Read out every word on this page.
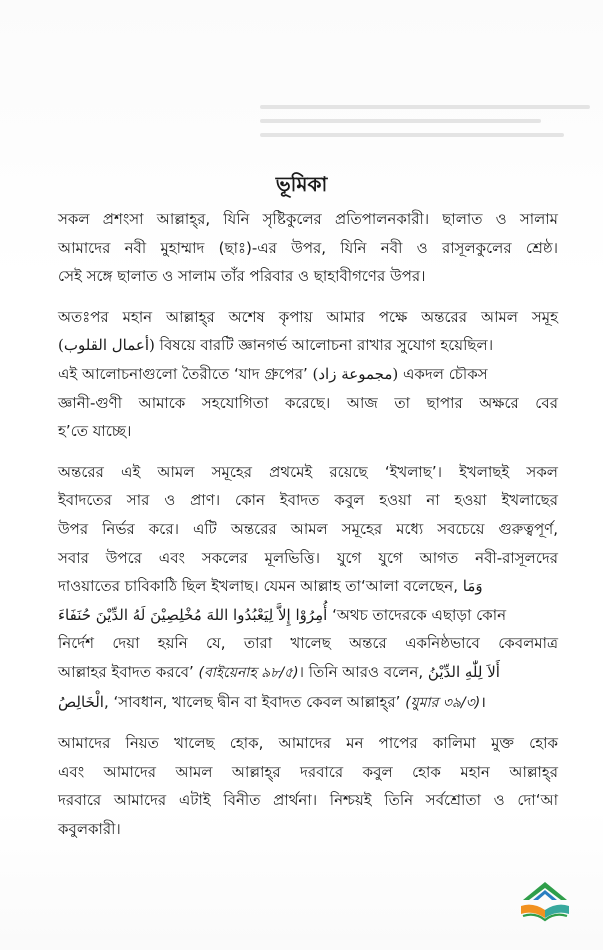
ভূমিকা
সকল প্রশংসা আল্লাহ্‌র, যিনি সৃষ্টিকুলের প্রতিপালনকারী। ছালাত ও সালাম
আমাদের নবী মুহাম্মাদ (ছাঃ)-এর উপর, যিনি নবী ও রাসূলকুলের শ্রেষ্ঠ।
সেই সঙ্গে ছালাত ও সালাম তাঁর পরিবার ও ছাহাবীগণের উপর।
অতঃপর মহান আল্লাহ্‌র অশেষ কৃপায় আমার পক্ষে অন্তরের আমল সমূহ
(أعمال القلوب) বিষয়ে বারটি জ্ঞানগর্ভ আলোচনা রাখার সুযোগ হয়েছিল।
এই আলোচনাগুলো তৈরীতে ‘যাদ গ্রুপের’ (مجموعة زاد) একদল চৌকস
জ্ঞানী-গুণী আমাকে সহযোগিতা করেছে। আজ তা ছাপার অক্ষরে বের
হ’তে যাচ্ছে।
অন্তরের এই আমল সমূহের প্রথমেই রয়েছে ‘ইখলাছ’। ইখলাছই সকল
ইবাদতের সার ও প্রাণ। কোন ইবাদত কবুল হওয়া না হওয়া ইখলাছের
উপর নির্ভর করে। এটি অন্তরের আমল সমূহের মধ্যে সবচেয়ে গুরুত্বপূর্ণ,
সবার উপরে এবং সকলের মূলভিত্তি। যুগে যুগে আগত নবী-রাসূলদের
দাওয়াতের চাবিকাঠি ছিল ইখলাছ। যেমন আল্লাহ তা‘আলা বলেছেন, وَمَا
أُمِرُوْا إِلاَّ لِيَعْبُدُوا اللهَ مُخْلِصِيْنَ لَهُ الدِّيْنَ حُنَفَاءَ ‘অথচ তাদেরকে এছাড়া কোন
নির্দেশ দেয়া হয়নি যে, তারা খালেছ অন্তরে একনিষ্ঠভাবে কেবলমাত্র
আল্লাহর ইবাদত করবে’ (বাইয়েনাহ ৯৮/৫)। তিনি আরও বলেন, أَلاَ لِلّٰهِ الدِّيْنُ
الْخَالِصُ, ‘সাবধান, খালেছ দ্বীন বা ইবাদত কেবল আল্লাহ্‌র’ (যুমার ৩৯/৩)।
আমাদের নিয়ত খালেছ হোক, আমাদের মন পাপের কালিমা মুক্ত হোক
এবং আমাদের আমল আল্লাহ্‌র দরবারে কবুল হোক মহান আল্লাহ্‌র
দরবারে আমাদের এটাই বিনীত প্রার্থনা। নিশ্চয়ই তিনি সর্বশ্রোতা ও দো‘আ
কবুলকারী।
